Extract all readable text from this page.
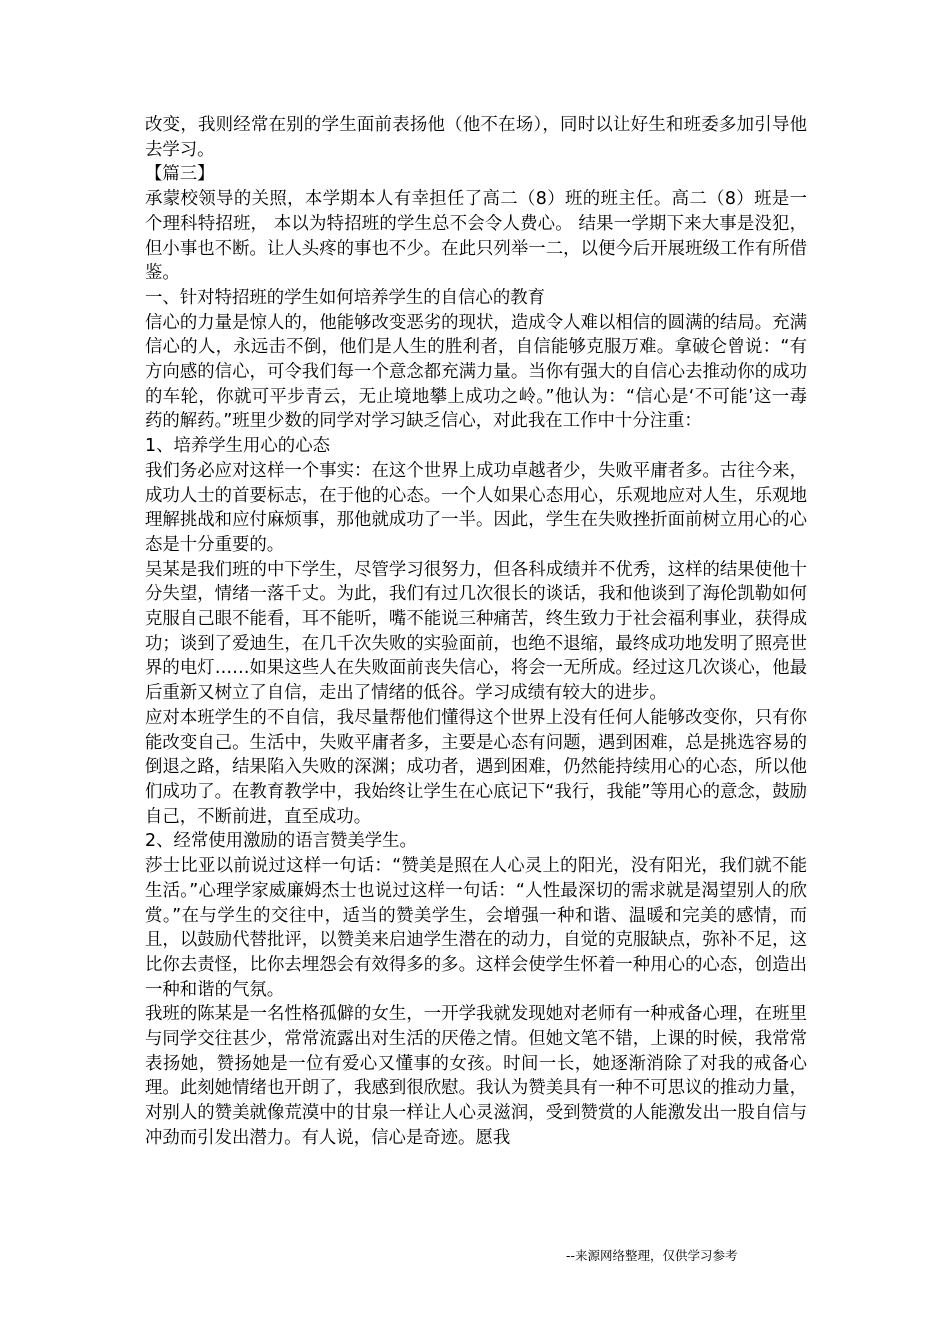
改变，我则经常在别的学生面前表扬他（他不在场），同时以让好生和班委多加引导他去学习。

【篇三】

承蒙校领导的关照，本学期本人有幸担任了高二（8）班的班主任。高二（8）班是一个理科特招班， 本以为特招班的学生总不会令人费心。 结果一学期下来大事是没犯，但小事也不断。让人头疼的事也不少。在此只列举一二，以便今后开展班级工作有所借鉴。

一、针对特招班的学生如何培养学生的自信心的教育

信心的力量是惊人的，他能够改变恶劣的现状，造成令人难以相信的圆满的结局。充满信心的人，永远击不倒，他们是人生的胜利者，自信能够克服万难。拿破仑曾说：“有方向感的信心，可令我们每一个意念都充满力量。当你有强大的自信心去推动你的成功的车轮，你就可平步青云，无止境地攀上成功之岭。”他认为：“信心是‘不可能’这一毒药的解药。”班里少数的同学对学习缺乏信心，对此我在工作中十分注重：

1、培养学生用心的心态

我们务必应对这样一个事实：在这个世界上成功卓越者少，失败平庸者多。古往今来，成功人士的首要标志，在于他的心态。一个人如果心态用心，乐观地应对人生，乐观地理解挑战和应付麻烦事，那他就成功了一半。因此，学生在失败挫折面前树立用心的心态是十分重要的。

吴某是我们班的中下学生，尽管学习很努力，但各科成绩并不优秀，这样的结果使他十分失望，情绪一落千丈。为此，我们有过几次很长的谈话，我和他谈到了海伦凯勒如何克服自己眼不能看，耳不能听，嘴不能说三种痛苦，终生致力于社会福利事业，获得成功；谈到了爱迪生，在几千次失败的实验面前，也绝不退缩，最终成功地发明了照亮世界的电灯……如果这些人在失败面前丧失信心，将会一无所成。经过这几次谈心，他最后重新又树立了自信，走出了情绪的低谷。学习成绩有较大的进步。

应对本班学生的不自信，我尽量帮他们懂得这个世界上没有任何人能够改变你，只有你能改变自己。生活中，失败平庸者多，主要是心态有问题，遇到困难，总是挑选容易的倒退之路，结果陷入失败的深渊；成功者，遇到困难，仍然能持续用心的心态，所以他们成功了。在教育教学中，我始终让学生在心底记下“我行，我能”等用心的意念，鼓励自己，不断前进，直至成功。

2、经常使用激励的语言赞美学生。

莎士比亚以前说过这样一句话：“赞美是照在人心灵上的阳光，没有阳光，我们就不能生活。”心理学家威廉姆杰士也说过这样一句话：“人性最深切的需求就是渴望别人的欣赏。”在与学生的交往中，适当的赞美学生，会增强一种和谐、温暖和完美的感情，而且，以鼓励代替批评，以赞美来启迪学生潜在的动力，自觉的克服缺点，弥补不足，这比你去责怪，比你去埋怨会有效得多的多。这样会使学生怀着一种用心的心态，创造出一种和谐的气氛。

我班的陈某是一名性格孤僻的女生，一开学我就发现她对老师有一种戒备心理，在班里与同学交往甚少，常常流露出对生活的厌倦之情。但她文笔不错，上课的时候，我常常表扬她，赞扬她是一位有爱心又懂事的女孩。时间一长，她逐渐消除了对我的戒备心理。此刻她情绪也开朗了，我感到很欣慰。我认为赞美具有一种不可思议的推动力量，对别人的赞美就像荒漠中的甘泉一样让人心灵滋润，受到赞赏的人能激发出一股自信与冲劲而引发出潜力。有人说，信心是奇迹。愿我

--来源网络整理，仅供学习参考
